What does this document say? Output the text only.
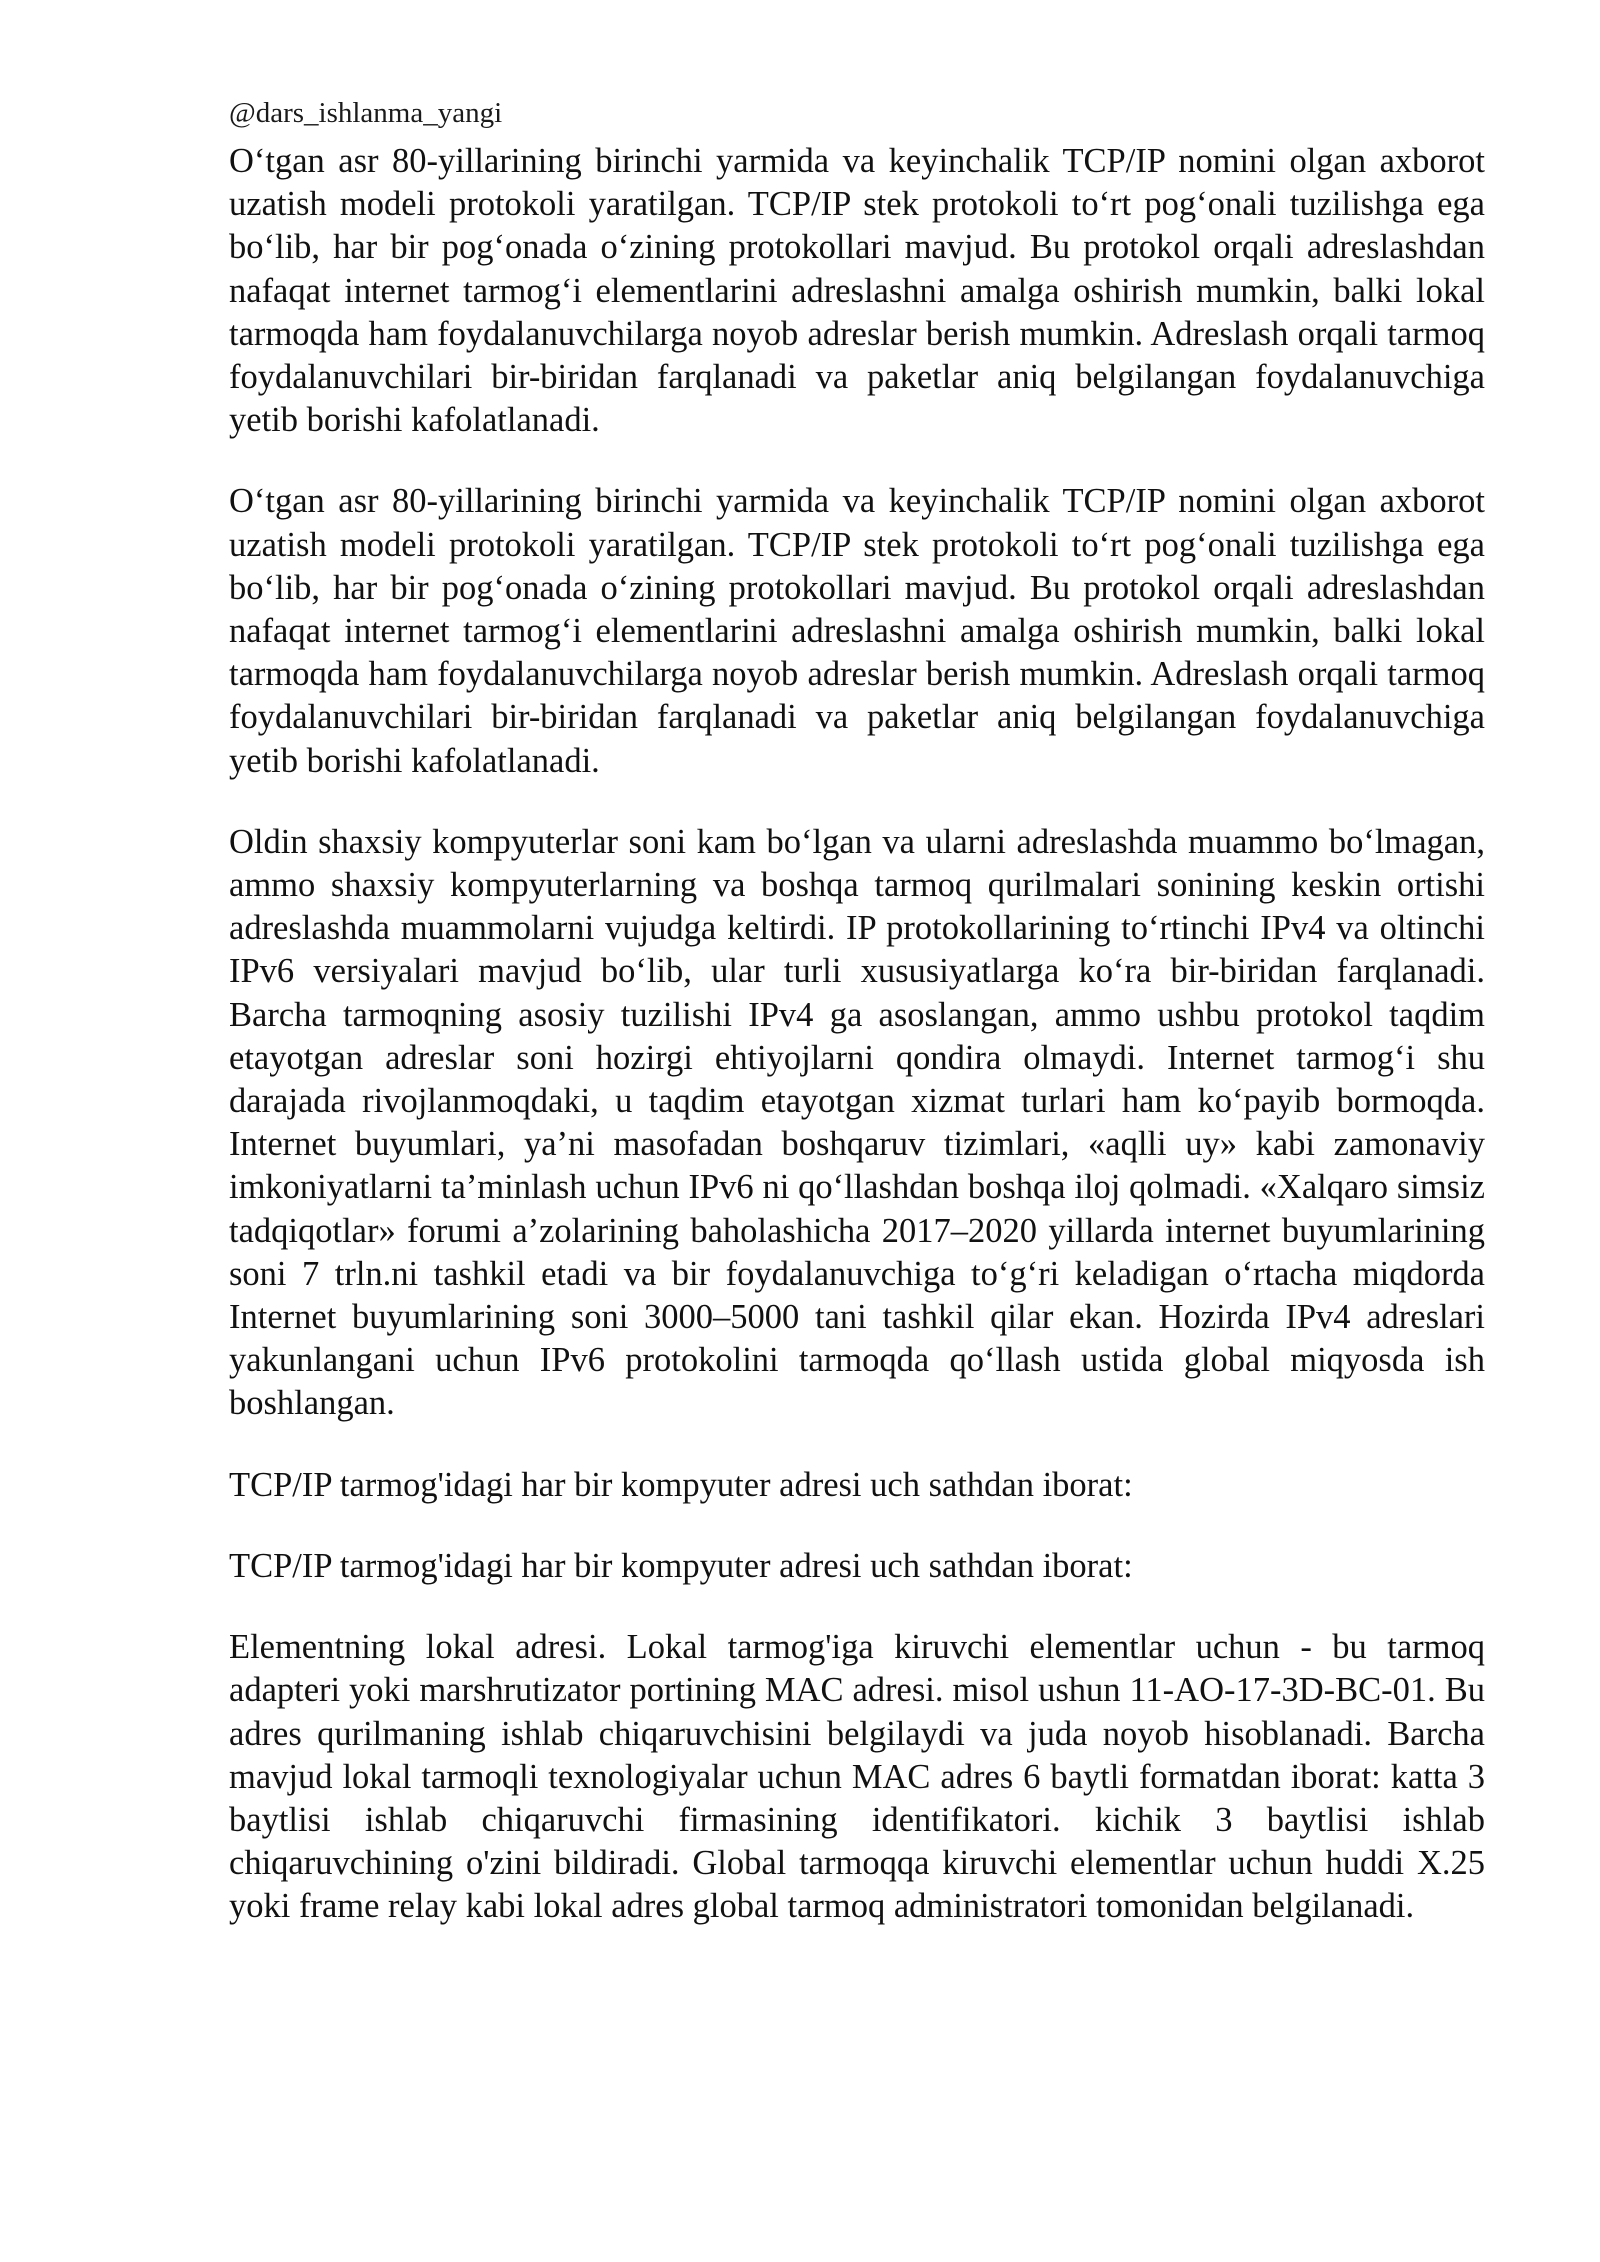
@dars_ishlanma_yangi

O‘tgan asr 80-yillarining birinchi yarmida va keyinchalik TCP/IP nomini olgan axborot uzatish modeli protokoli yaratilgan. TCP/IP stek protokoli to‘rt pog‘onali tuzilishga ega bo‘lib, har bir pog‘onada o‘zining protokollari mavjud. Bu protokol orqali adreslashdan nafaqat internet tarmog‘i elementlarini adreslashni amalga oshirish mumkin, balki lokal tarmoqda ham foydalanuvchilarga noyob adreslar berish mumkin. Adreslash orqali tarmoq foydalanuvchilari bir-biridan farqlanadi va paketlar aniq belgilangan foydalanuvchiga yetib borishi kafolatlanadi.

O‘tgan asr 80-yillarining birinchi yarmida va keyinchalik TCP/IP nomini olgan axborot uzatish modeli protokoli yaratilgan. TCP/IP stek protokoli to‘rt pog‘onali tuzilishga ega bo‘lib, har bir pog‘onada o‘zining protokollari mavjud. Bu protokol orqali adreslashdan nafaqat internet tarmog‘i elementlarini adreslashni amalga oshirish mumkin, balki lokal tarmoqda ham foydalanuvchilarga noyob adreslar berish mumkin. Adreslash orqali tarmoq foydalanuvchilari bir-biridan farqlanadi va paketlar aniq belgilangan foydalanuvchiga yetib borishi kafolatlanadi.

Oldin shaxsiy kompyuterlar soni kam bo‘lgan va ularni adreslashda muammo bo‘lmagan, ammo shaxsiy kompyuterlarning va boshqa tarmoq qurilmalari sonining keskin ortishi adreslashda muammolarni vujudga keltirdi. IP protokollarining to‘rtinchi IPv4 va oltinchi IPv6 versiyalari mavjud bo‘lib, ular turli xususiyatlarga ko‘ra bir-biridan farqlanadi. Barcha tarmoqning asosiy tuzilishi IPv4 ga asoslangan, ammo ushbu protokol taqdim etayotgan adreslar soni hozirgi ehtiyojlarni qondira olmaydi. Internet tarmog‘i shu darajada rivojlanmoqdaki, u taqdim etayotgan xizmat turlari ham ko‘payib bormoqda. Internet buyumlari, ya’ni masofadan boshqaruv tizimlari, «aqlli uy» kabi zamonaviy imkoniyatlarni ta’minlash uchun IPv6 ni qo‘llashdan boshqa iloj qolmadi. «Xalqaro simsiz tadqiqotlar» forumi a’zolarining baholashicha 2017–2020 yillarda internet buyumlarining soni 7 trln.ni tashkil etadi va bir foydalanuvchiga to‘g‘ri keladigan o‘rtacha miqdorda Internet buyumlarining soni 3000–5000 tani tashkil qilar ekan. Hozirda IPv4 adreslari yakunlangani uchun IPv6 protokolini tarmoqda qo‘llash ustida global miqyosda ish boshlangan.

TCP/IP tarmog'idagi har bir kompyuter adresi uch sathdan iborat:

TCP/IP tarmog'idagi har bir kompyuter adresi uch sathdan iborat:

Elementning lokal adresi. Lokal tarmog'iga kiruvchi elementlar uchun - bu tarmoq adapteri yoki marshrutizator portining MAC adresi. misol ushun 11-AO-17-3D-BC-01. Bu adres qurilmaning ishlab chiqaruvchisini belgilaydi va juda noyob hisoblanadi. Barcha mavjud lokal tarmoqli texnologiyalar uchun MAC adres 6 baytli formatdan iborat: katta 3 baytlisi ishlab chiqaruvchi firmasining identifikatori. kichik 3 baytlisi ishlab chiqaruvchining o'zini bildiradi. Global tarmoqqa kiruvchi elementlar uchun huddi X.25 yoki frame relay kabi lokal adres global tarmoq administratori tomonidan belgilanadi.
